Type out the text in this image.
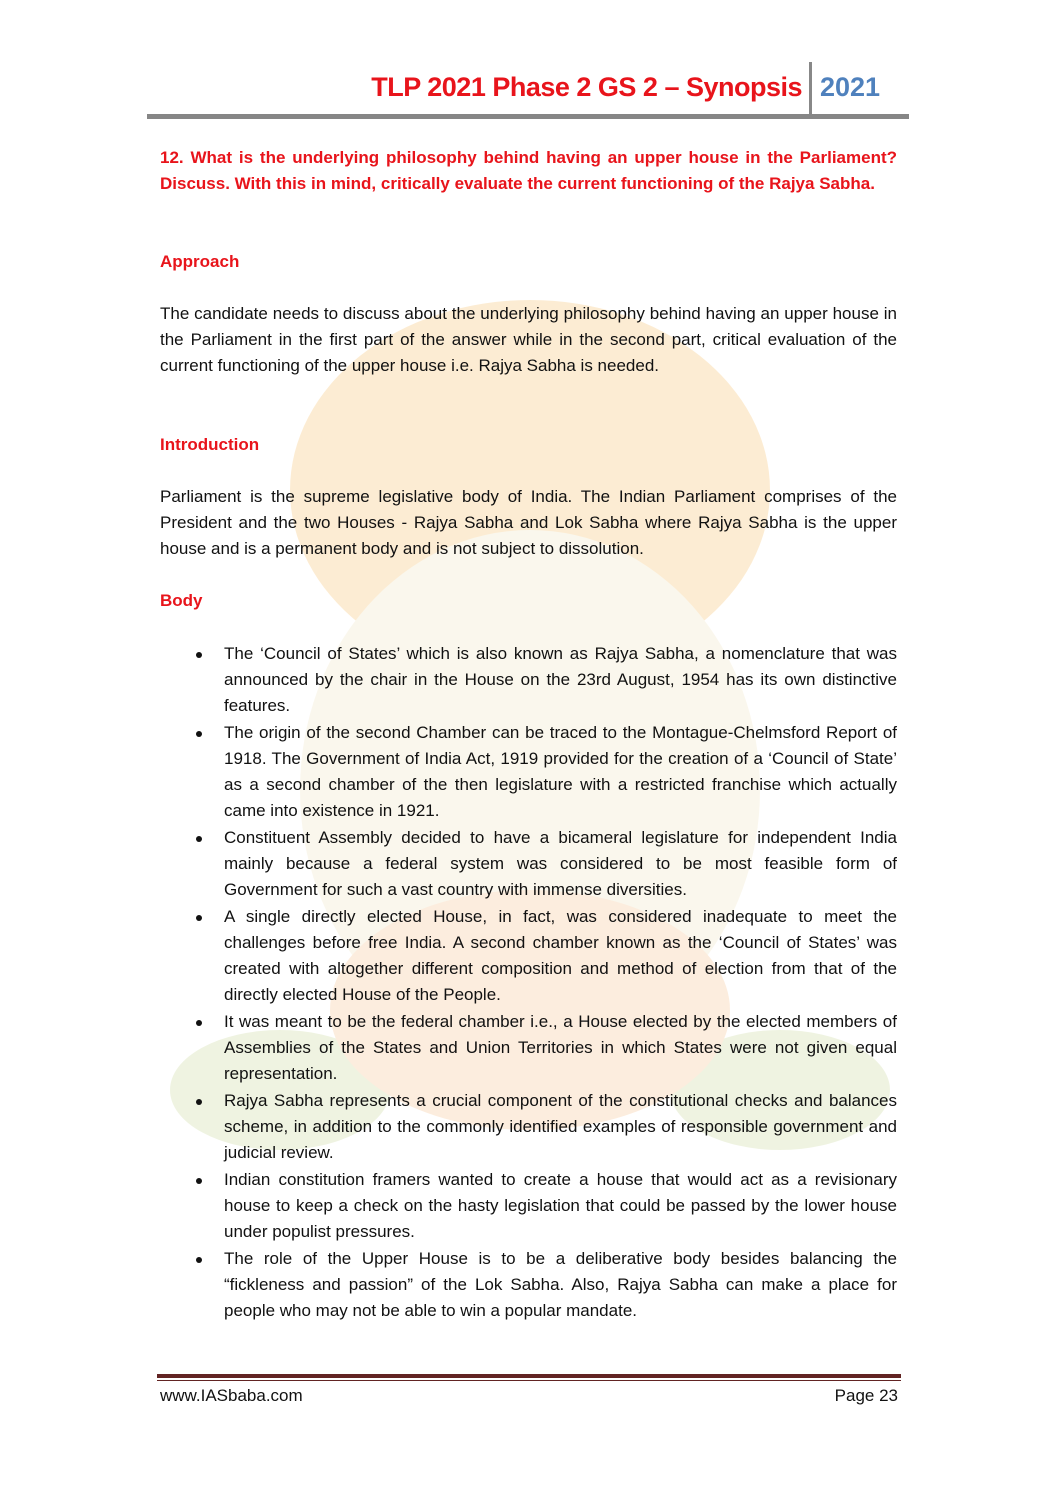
TLP 2021 Phase 2 GS 2 – Synopsis 2021
12. What is the underlying philosophy behind having an upper house in the Parliament? Discuss. With this in mind, critically evaluate the current functioning of the Rajya Sabha.
Approach
The candidate needs to discuss about the underlying philosophy behind having an upper house in the Parliament in the first part of the answer while in the second part, critical evaluation of the current functioning of the upper house i.e. Rajya Sabha is needed.
Introduction
Parliament is the supreme legislative body of India. The Indian Parliament comprises of the President and the two Houses - Rajya Sabha and Lok Sabha where Rajya Sabha is the upper house and is a permanent body and is not subject to dissolution.
Body
The ‘Council of States’ which is also known as Rajya Sabha, a nomenclature that was announced by the chair in the House on the 23rd August, 1954 has its own distinctive features.
The origin of the second Chamber can be traced to the Montague-Chelmsford Report of 1918. The Government of India Act, 1919 provided for the creation of a ‘Council of State’ as a second chamber of the then legislature with a restricted franchise which actually came into existence in 1921.
Constituent Assembly decided to have a bicameral legislature for independent India mainly because a federal system was considered to be most feasible form of Government for such a vast country with immense diversities.
A single directly elected House, in fact, was considered inadequate to meet the challenges before free India. A second chamber known as the ‘Council of States’ was created with altogether different composition and method of election from that of the directly elected House of the People.
It was meant to be the federal chamber i.e., a House elected by the elected members of Assemblies of the States and Union Territories in which States were not given equal representation.
Rajya Sabha represents a crucial component of the constitutional checks and balances scheme, in addition to the commonly identified examples of responsible government and judicial review.
Indian constitution framers wanted to create a house that would act as a revisionary house to keep a check on the hasty legislation that could be passed by the lower house under populist pressures.
The role of the Upper House is to be a deliberative body besides balancing the “fickleness and passion” of the Lok Sabha. Also, Rajya Sabha can make a place for people who may not be able to win a popular mandate.
www.IASbaba.com	Page 23
